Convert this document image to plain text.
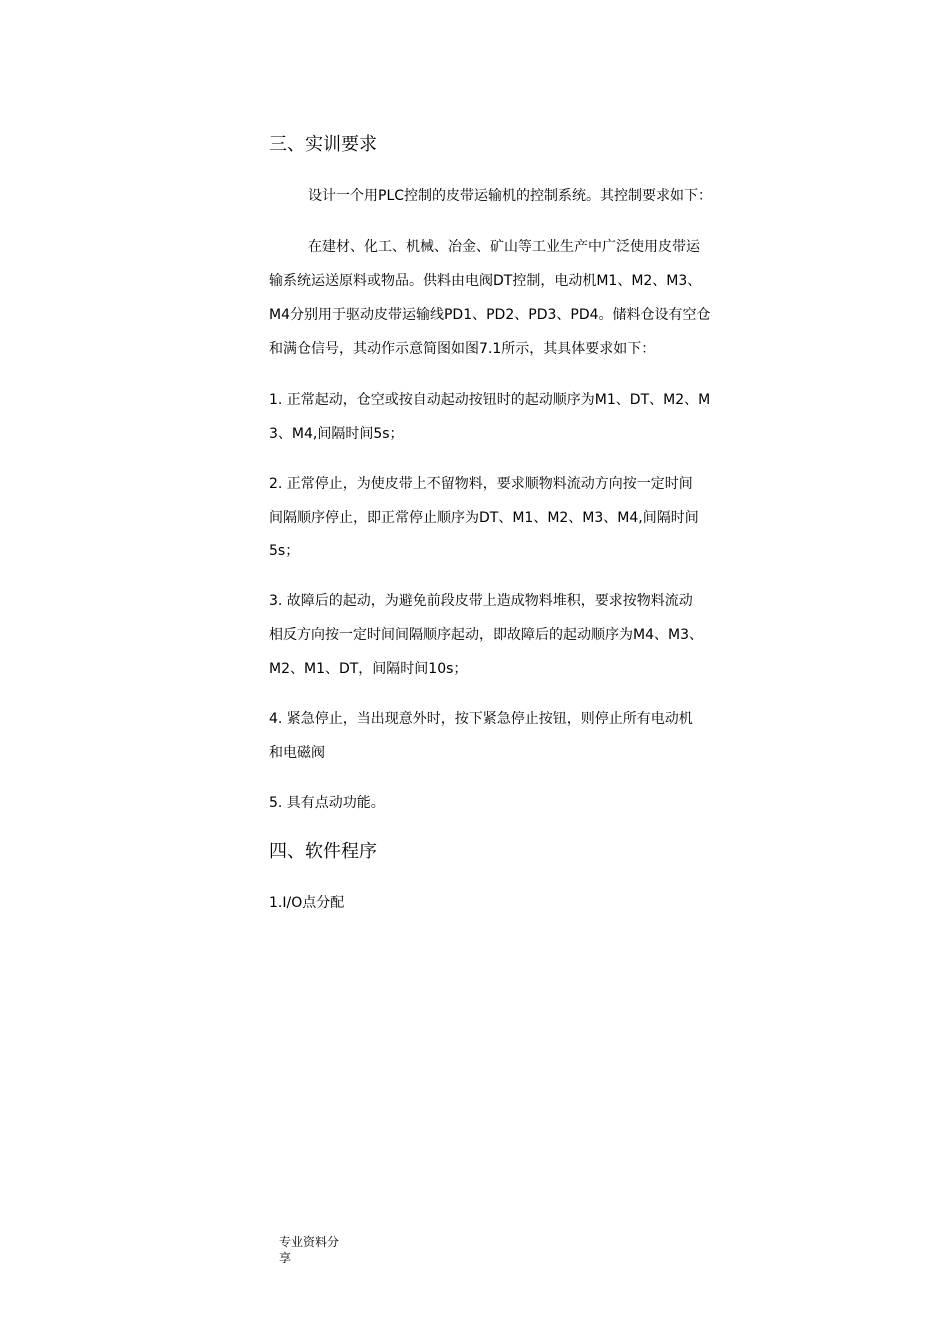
三、实训要求
设计一个用PLC控制的皮带运输机的控制系统。其控制要求如下：
在建材、化工、机械、冶金、矿山等工业生产中广泛使用皮带运
输系统运送原料或物品。供料由电阀DT控制，电动机M1、M2、M3、
M4分别用于驱动皮带运输线PD1、PD2、PD3、PD4。储料仓设有空仓
和满仓信号，其动作示意简图如图7.1所示，其具体要求如下：
1. 正常起动，仓空或按自动起动按钮时的起动顺序为M1、DT、M2、M
3、M4,间隔时间5s；
2. 正常停止，为使皮带上不留物料，要求顺物料流动方向按一定时间
间隔顺序停止，即正常停止顺序为DT、M1、M2、M3、M4,间隔时间
5s；
3. 故障后的起动，为避免前段皮带上造成物料堆积，要求按物料流动
相反方向按一定时间间隔顺序起动，即故障后的起动顺序为M4、M3、
M2、M1、DT，间隔时间10s；
4. 紧急停止，当出现意外时，按下紧急停止按钮，则停止所有电动机
和电磁阀
5. 具有点动功能。
四、软件程序
1.I/O点分配
专业资料分
享
